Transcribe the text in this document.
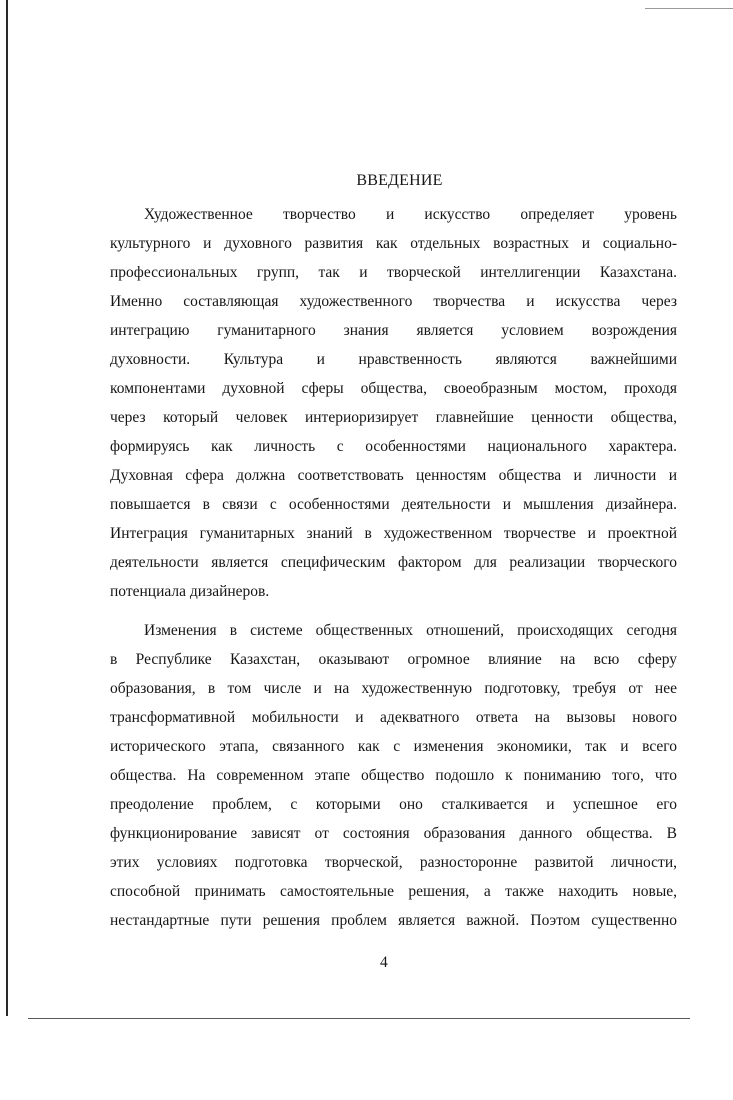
ВВЕДЕНИЕ
Художественное творчество и искусство определяет уровень
культурного и духовного развития как отдельных возрастных и социально-
профессиональных групп, так и творческой интеллигенции Казахстана.
Именно составляющая художественного творчества и искусства через
интеграцию гуманитарного знания является условием возрождения
духовности. Культура и нравственность являются важнейшими
компонентами духовной сферы общества, своеобразным мостом, проходя
через который человек интериоризирует главнейшие ценности общества,
формируясь как личность с особенностями национального характера.
Духовная сфера должна соответствовать ценностям общества и личности и
повышается в связи с особенностями деятельности и мышления дизайнера.
Интеграция гуманитарных знаний в художественном творчестве и проектной
деятельности является специфическим фактором для реализации творческого
потенциала дизайнеров.
Изменения в системе общественных отношений, происходящих сегодня
в Республике Казахстан, оказывают огромное влияние на всю сферу
образования, в том числе и на художественную подготовку, требуя от нее
трансформативной мобильности и адекватного ответа на вызовы нового
исторического этапа, связанного как с изменения экономики, так и всего
общества. На современном этапе общество подошло к пониманию того, что
преодоление проблем, с которыми оно сталкивается и успешное его
функционирование зависят от состояния образования данного общества. В
этих условиях подготовка творческой, разносторонне развитой личности,
способной принимать самостоятельные решения, а также находить новые,
нестандартные пути решения проблем является важной. Поэтом существенно
4
